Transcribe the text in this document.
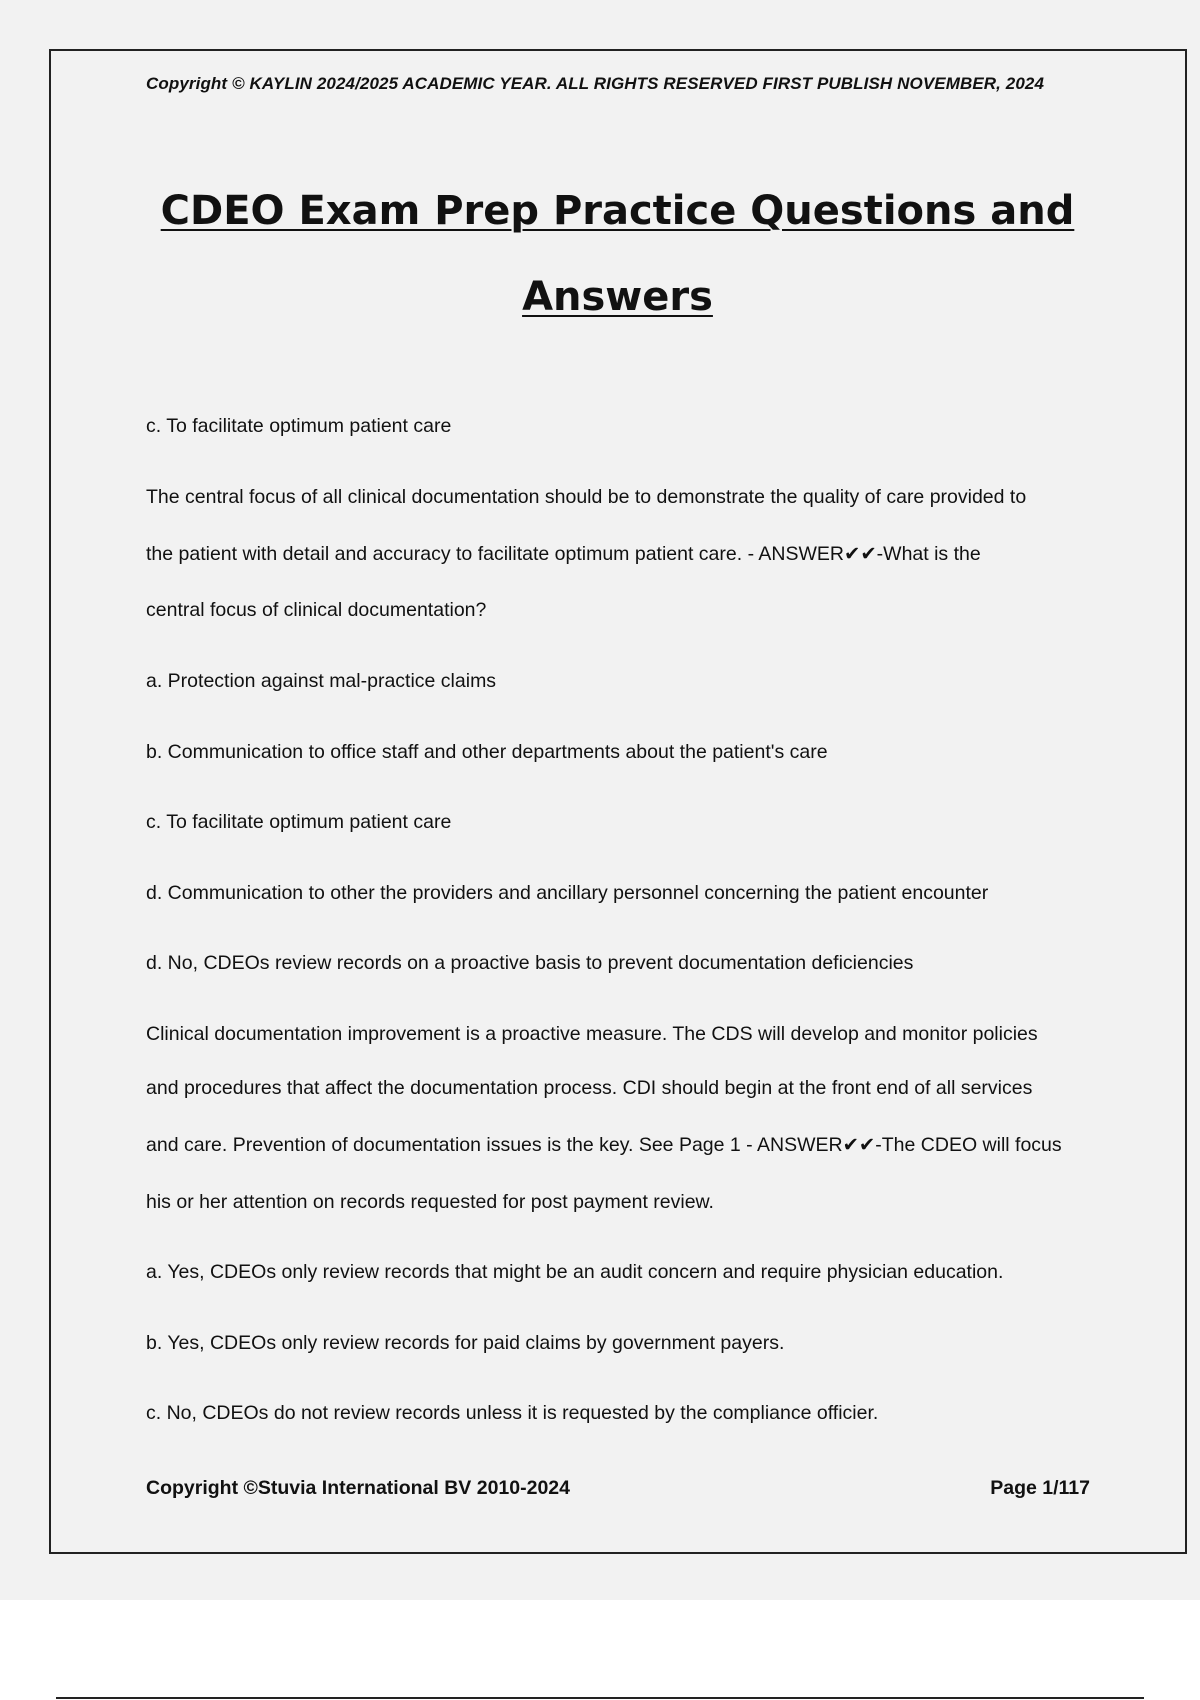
Copyright © KAYLIN 2024/2025 ACADEMIC YEAR. ALL RIGHTS RESERVED FIRST PUBLISH NOVEMBER, 2024
CDEO Exam Prep Practice Questions and
Answers
c. To facilitate optimum patient care
The central focus of all clinical documentation should be to demonstrate the quality of care provided to
the patient with detail and accuracy to facilitate optimum patient care. - ANSWER✔✔-What is the
central focus of clinical documentation?
a. Protection against mal-practice claims
b. Communication to office staff and other departments about the patient's care
c. To facilitate optimum patient care
d. Communication to other the providers and ancillary personnel concerning the patient encounter
d. No, CDEOs review records on a proactive basis to prevent documentation deficiencies
Clinical documentation improvement is a proactive measure. The CDS will develop and monitor policies
and procedures that affect the documentation process. CDI should begin at the front end of all services
and care. Prevention of documentation issues is the key. See Page 1 - ANSWER✔✔-The CDEO will focus
his or her attention on records requested for post payment review.
a. Yes, CDEOs only review records that might be an audit concern and require physician education.
b. Yes, CDEOs only review records for paid claims by government payers.
c. No, CDEOs do not review records unless it is requested by the compliance officier.
Copyright ©Stuvia International BV 2010-2024	Page 1/117
